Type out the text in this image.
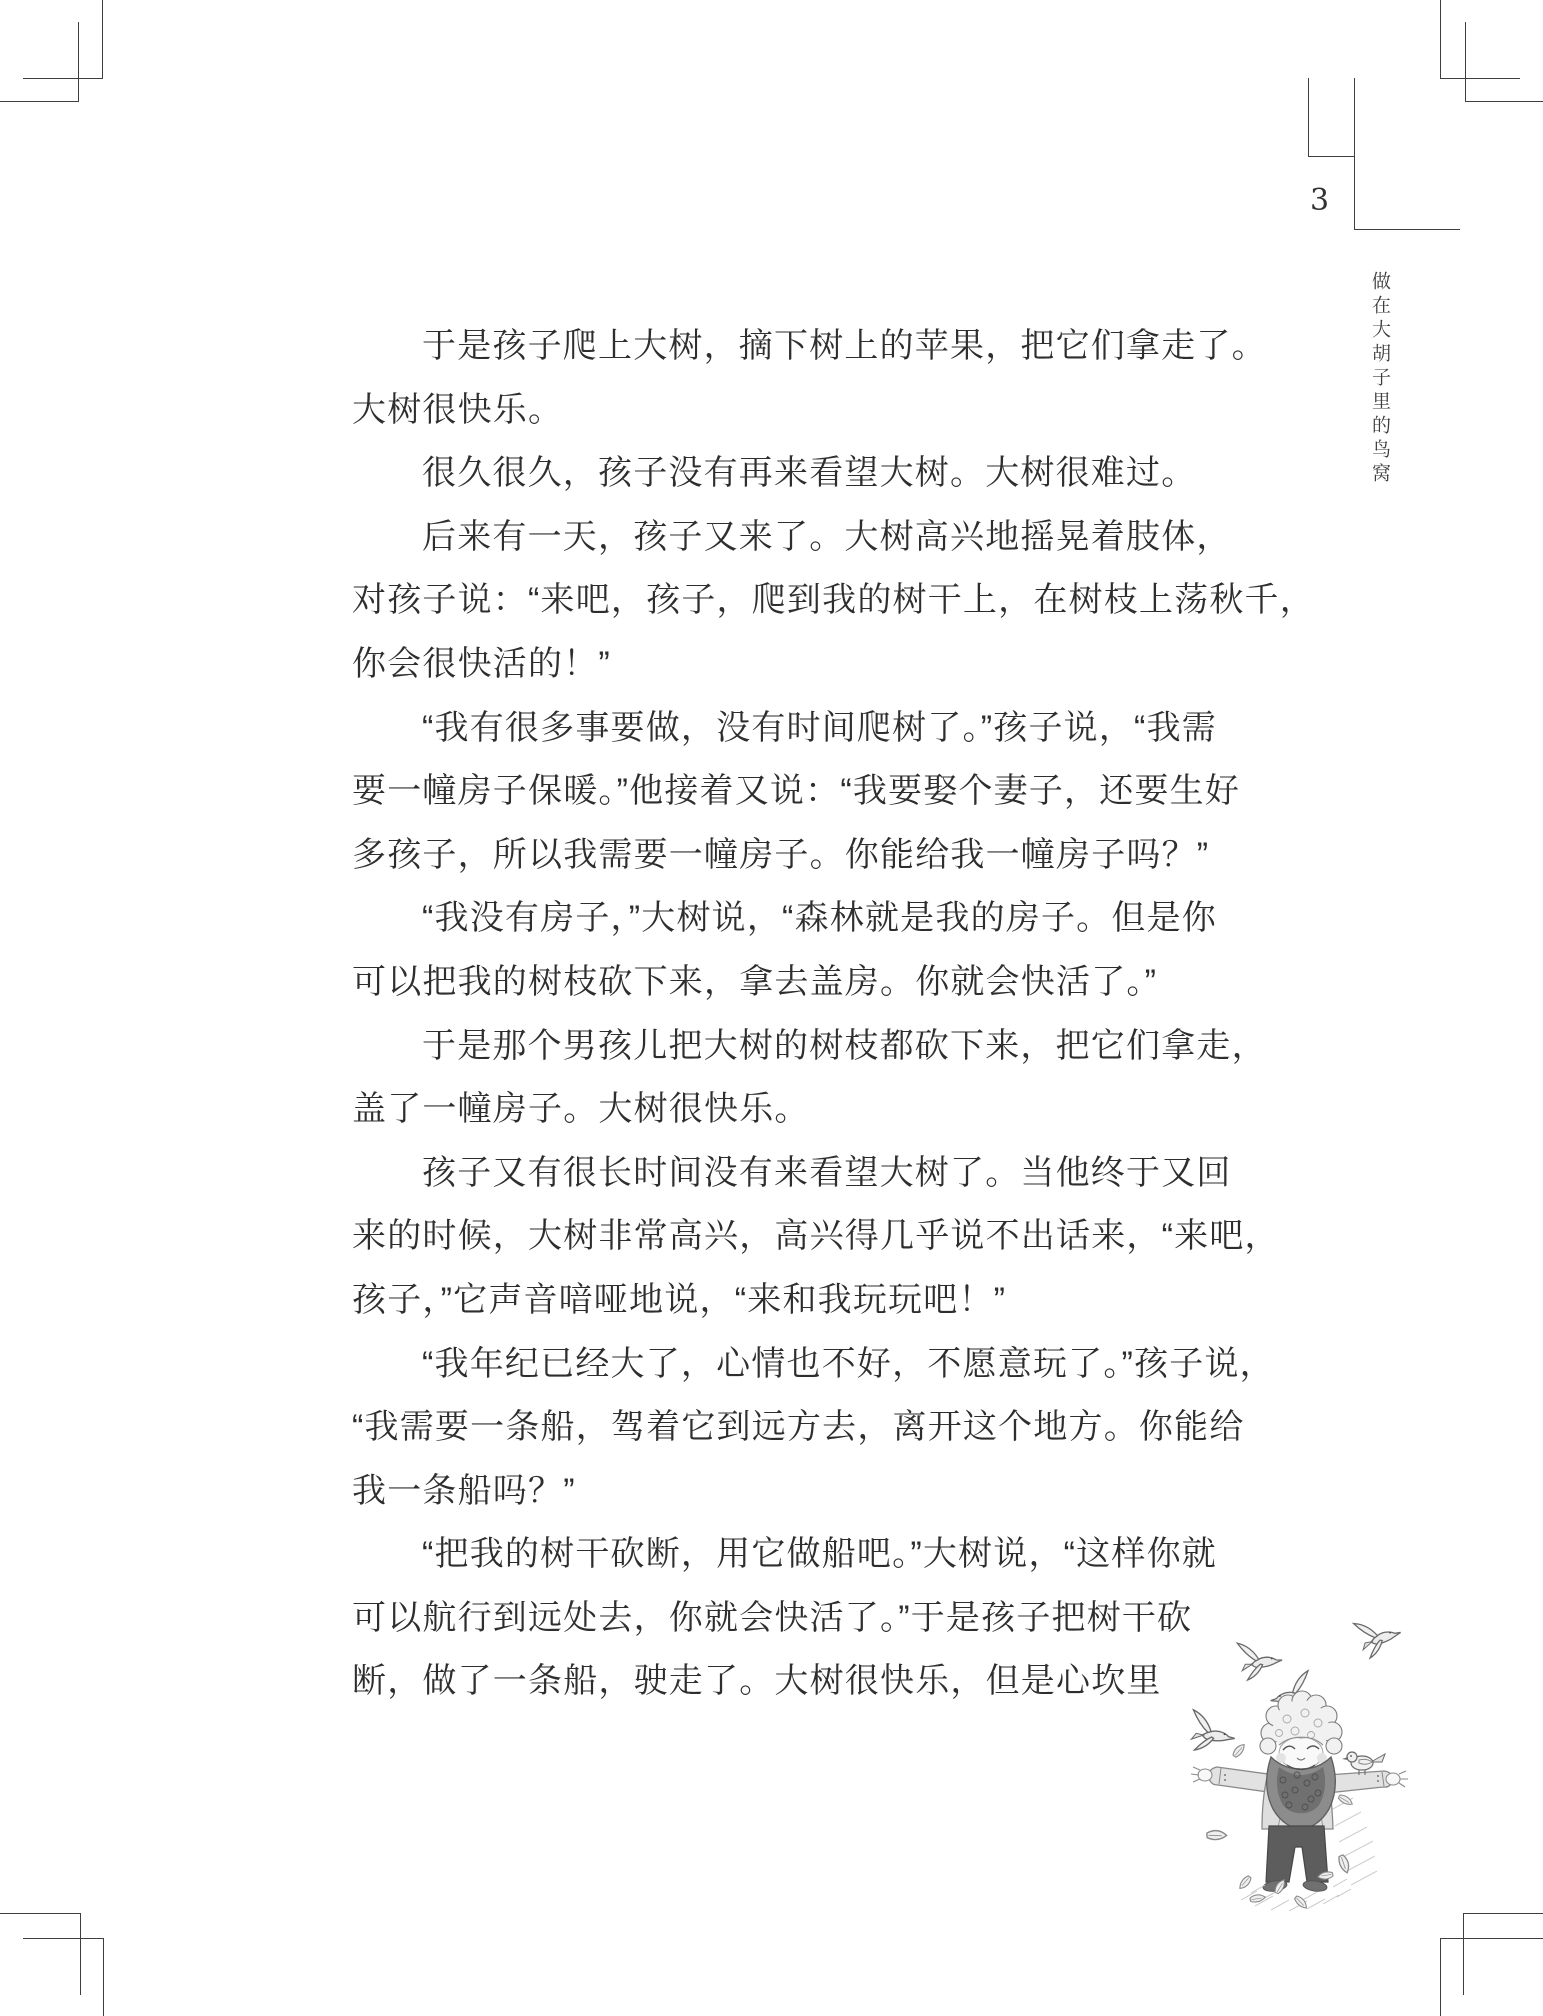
3
做在大胡子里的鸟窝
于是孩子爬上大树，摘下树上的苹果，把它们拿走了。
大树很快乐。
很久很久，孩子没有再来看望大树。大树很难过。
后来有一天，孩子又来了。大树高兴地摇晃着肢体，
对孩子说：“来吧，孩子，爬到我的树干上，在树枝上荡秋千，
你会很快活的！”
“我有很多事要做，没有时间爬树了。”孩子说，“我需
要一幢房子保暖。”他接着又说：“我要娶个妻子，还要生好
多孩子，所以我需要一幢房子。你能给我一幢房子吗？”
“我没有房子，”大树说，“森林就是我的房子。但是你
可以把我的树枝砍下来，拿去盖房。你就会快活了。”
于是那个男孩儿把大树的树枝都砍下来，把它们拿走，
盖了一幢房子。大树很快乐。
孩子又有很长时间没有来看望大树了。当他终于又回
来的时候，大树非常高兴，高兴得几乎说不出话来，“来吧，
孩子，”它声音喑哑地说，“来和我玩玩吧！”
“我年纪已经大了，心情也不好，不愿意玩了。”孩子说，
“我需要一条船，驾着它到远方去，离开这个地方。你能给
我一条船吗？”
“把我的树干砍断，用它做船吧。”大树说，“这样你就
可以航行到远处去，你就会快活了。”于是孩子把树干砍
断，做了一条船，驶走了。大树很快乐，但是心坎里
